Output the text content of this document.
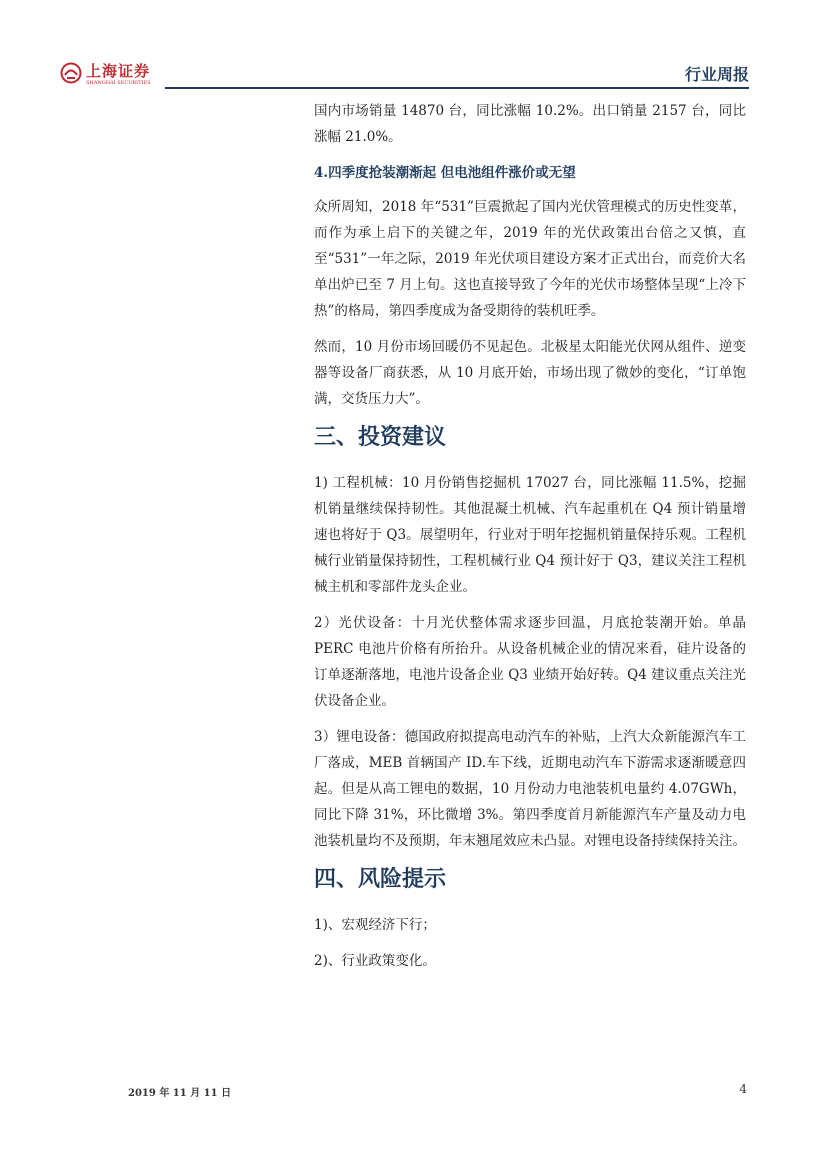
上海证券
SHANGHAI SECURITIES	行业周报

国内市场销量 14870 台，同比涨幅 10.2%。出口销量 2157 台，同比涨幅 21.0%。

4.四季度抢装潮渐起 但电池组件涨价或无望

众所周知，2018 年“531”巨震掀起了国内光伏管理模式的历史性变革，而作为承上启下的关键之年，2019 年的光伏政策出台倍之又慎，直至“531”一年之际，2019 年光伏项目建设方案才正式出台，而竞价大名单出炉已至 7 月上旬。这也直接导致了今年的光伏市场整体呈现“上冷下热”的格局，第四季度成为备受期待的装机旺季。

然而，10 月份市场回暖仍不见起色。北极星太阳能光伏网从组件、逆变器等设备厂商获悉，从 10 月底开始，市场出现了微妙的变化，“订单饱满，交货压力大”。

三、投资建议

1) 工程机械：10 月份销售挖掘机 17027 台，同比涨幅 11.5%，挖掘机销量继续保持韧性。其他混凝土机械、汽车起重机在 Q4 预计销量增速也将好于 Q3。展望明年，行业对于明年挖掘机销量保持乐观。工程机械行业销量保持韧性，工程机械行业 Q4 预计好于 Q3，建议关注工程机械主机和零部件龙头企业。

2）光伏设备：十月光伏整体需求逐步回温，月底抢装潮开始。单晶 PERC 电池片价格有所抬升。从设备机械企业的情况来看，硅片设备的订单逐渐落地，电池片设备企业 Q3 业绩开始好转。Q4 建议重点关注光伏设备企业。

3）锂电设备：德国政府拟提高电动汽车的补贴，上汽大众新能源汽车工厂落成，MEB 首辆国产 ID.车下线，近期电动汽车下游需求逐渐暖意四起。但是从高工锂电的数据，10 月份动力电池装机电量约 4.07GWh，同比下降 31%，环比微增 3%。第四季度首月新能源汽车产量及动力电池装机量均不及预期，年末翘尾效应未凸显。对锂电设备持续保持关注。

四、风险提示

1)、宏观经济下行；

2)、行业政策变化。

2019 年 11 月 11 日	4
